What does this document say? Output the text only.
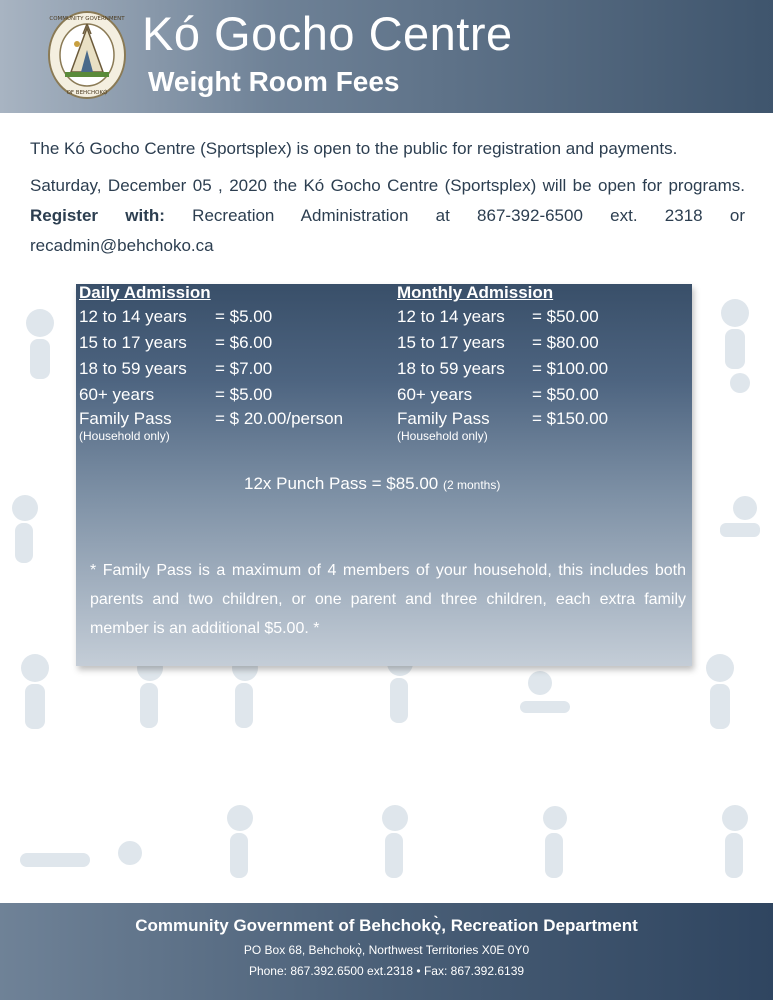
COMMUNITY GOVERNMENT
OF BEHCHOKỌ̀
Kó Gocho Centre
Weight Room Fees
The Kó Gocho Centre (Sportsplex) is open to the public for registration and payments.
Saturday, December 05 , 2020 the Kó Gocho Centre (Sportsplex) will be open for programs. Register with: Recreation Administration at 867-392-6500 ext. 2318 or recadmin@behchoko.ca
Daily Admission
12 to 14 years = $5.00
15 to 17 years = $6.00
18 to 59 years = $7.00
60+ years	= $5.00
Family Pass	= $ 20.00/person
(Household only)
Monthly Admission
12 to 14 years = $50.00
15 to 17 years = $80.00
18 to 59 years = $100.00
60+ years	= $50.00
Family Pass = $150.00
(Household only)
12x Punch Pass = $85.00 (2 months)
* Family Pass is a maximum of 4 members of your household, this includes both parents and two children, or one parent and three children, each extra family member is an additional $5.00. *
Community Government of Behchokǫ̀, Recreation Department
PO Box 68, Behchokǫ̀, Northwest Territories X0E 0Y0
Phone: 867.392.6500 ext.2318 • Fax: 867.392.6139
